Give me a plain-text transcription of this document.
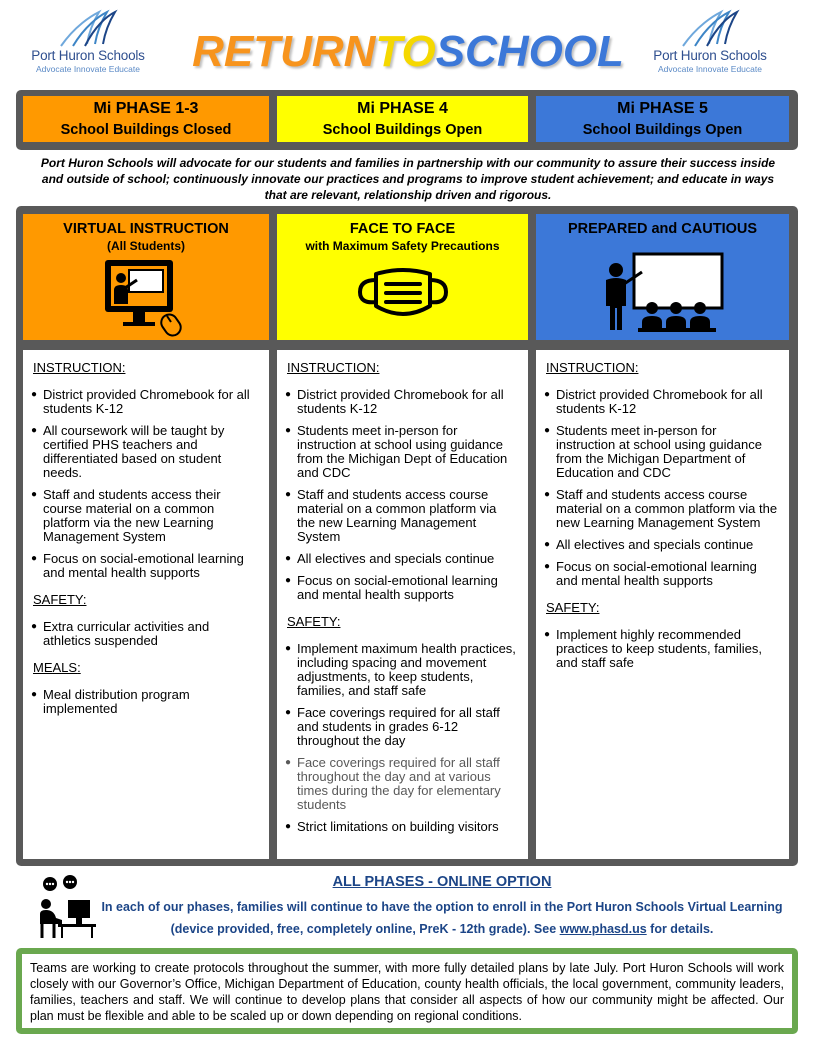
Port Huron Schools
Advocate Innovate Educate
Port Huron Schools
Advocate Innovate Educate
RETURNTOSCHOOL
Mi PHASE 1-3
School Buildings Closed
Mi PHASE 4
School Buildings Open
Mi PHASE 5
School Buildings Open
Port Huron Schools will advocate for our students and families in partnership with our community to assure their success inside and outside of school; continuously innovate our practices and programs to improve student achievement; and educate in ways that are relevant, relationship driven and rigorous.
VIRTUAL INSTRUCTION
(All Students)
FACE TO FACE
with Maximum Safety Precautions
PREPARED and CAUTIOUS
INSTRUCTION:
● District provided Chromebook for all students K-12
● All coursework will be taught by certified PHS teachers and differentiated based on student needs.
● Staff and students access their course material on a common platform via the new Learning Management System
● Focus on social-emotional learning and mental health supports
SAFETY:
● Extra curricular activities and athletics suspended
MEALS:
● Meal distribution program implemented
INSTRUCTION:
● District provided Chromebook for all students K-12
● Students meet in-person for instruction at school using guidance from the Michigan Dept of Education and CDC
● Staff and students access course material on a common platform via the new Learning Management System
● All electives and specials continue
● Focus on social-emotional learning and mental health supports
SAFETY:
● Implement maximum health practices, including spacing and movement adjustments, to keep students, families, and staff safe
● Face coverings required for all staff and students in grades 6-12 throughout the day
● Face coverings required for all staff throughout the day and at various times during the day for elementary students
● Strict limitations on building visitors
INSTRUCTION:
● District provided Chromebook for all students K-12
● Students meet in-person for instruction at school using guidance from the Michigan Department of Education and CDC
● Staff and students access course material on a common platform via the new Learning Management System
● All electives and specials continue
● Focus on social-emotional learning and mental health supports
SAFETY:
● Implement highly recommended practices to keep students, families, and staff safe
ALL PHASES - ONLINE OPTION
In each of our phases, families will continue to have the option to enroll in the Port Huron Schools Virtual Learning (device provided, free, completely online, PreK - 12th grade). See www.phasd.us for details.
Teams are working to create protocols throughout the summer, with more fully detailed plans by late July. Port Huron Schools will work closely with our Governor’s Office, Michigan Department of Education, county health officials, the local government, community leaders, families, teachers and staff. We will continue to develop plans that consider all aspects of how our community might be affected. Our plan must be flexible and able to be scaled up or down depending on regional conditions.
